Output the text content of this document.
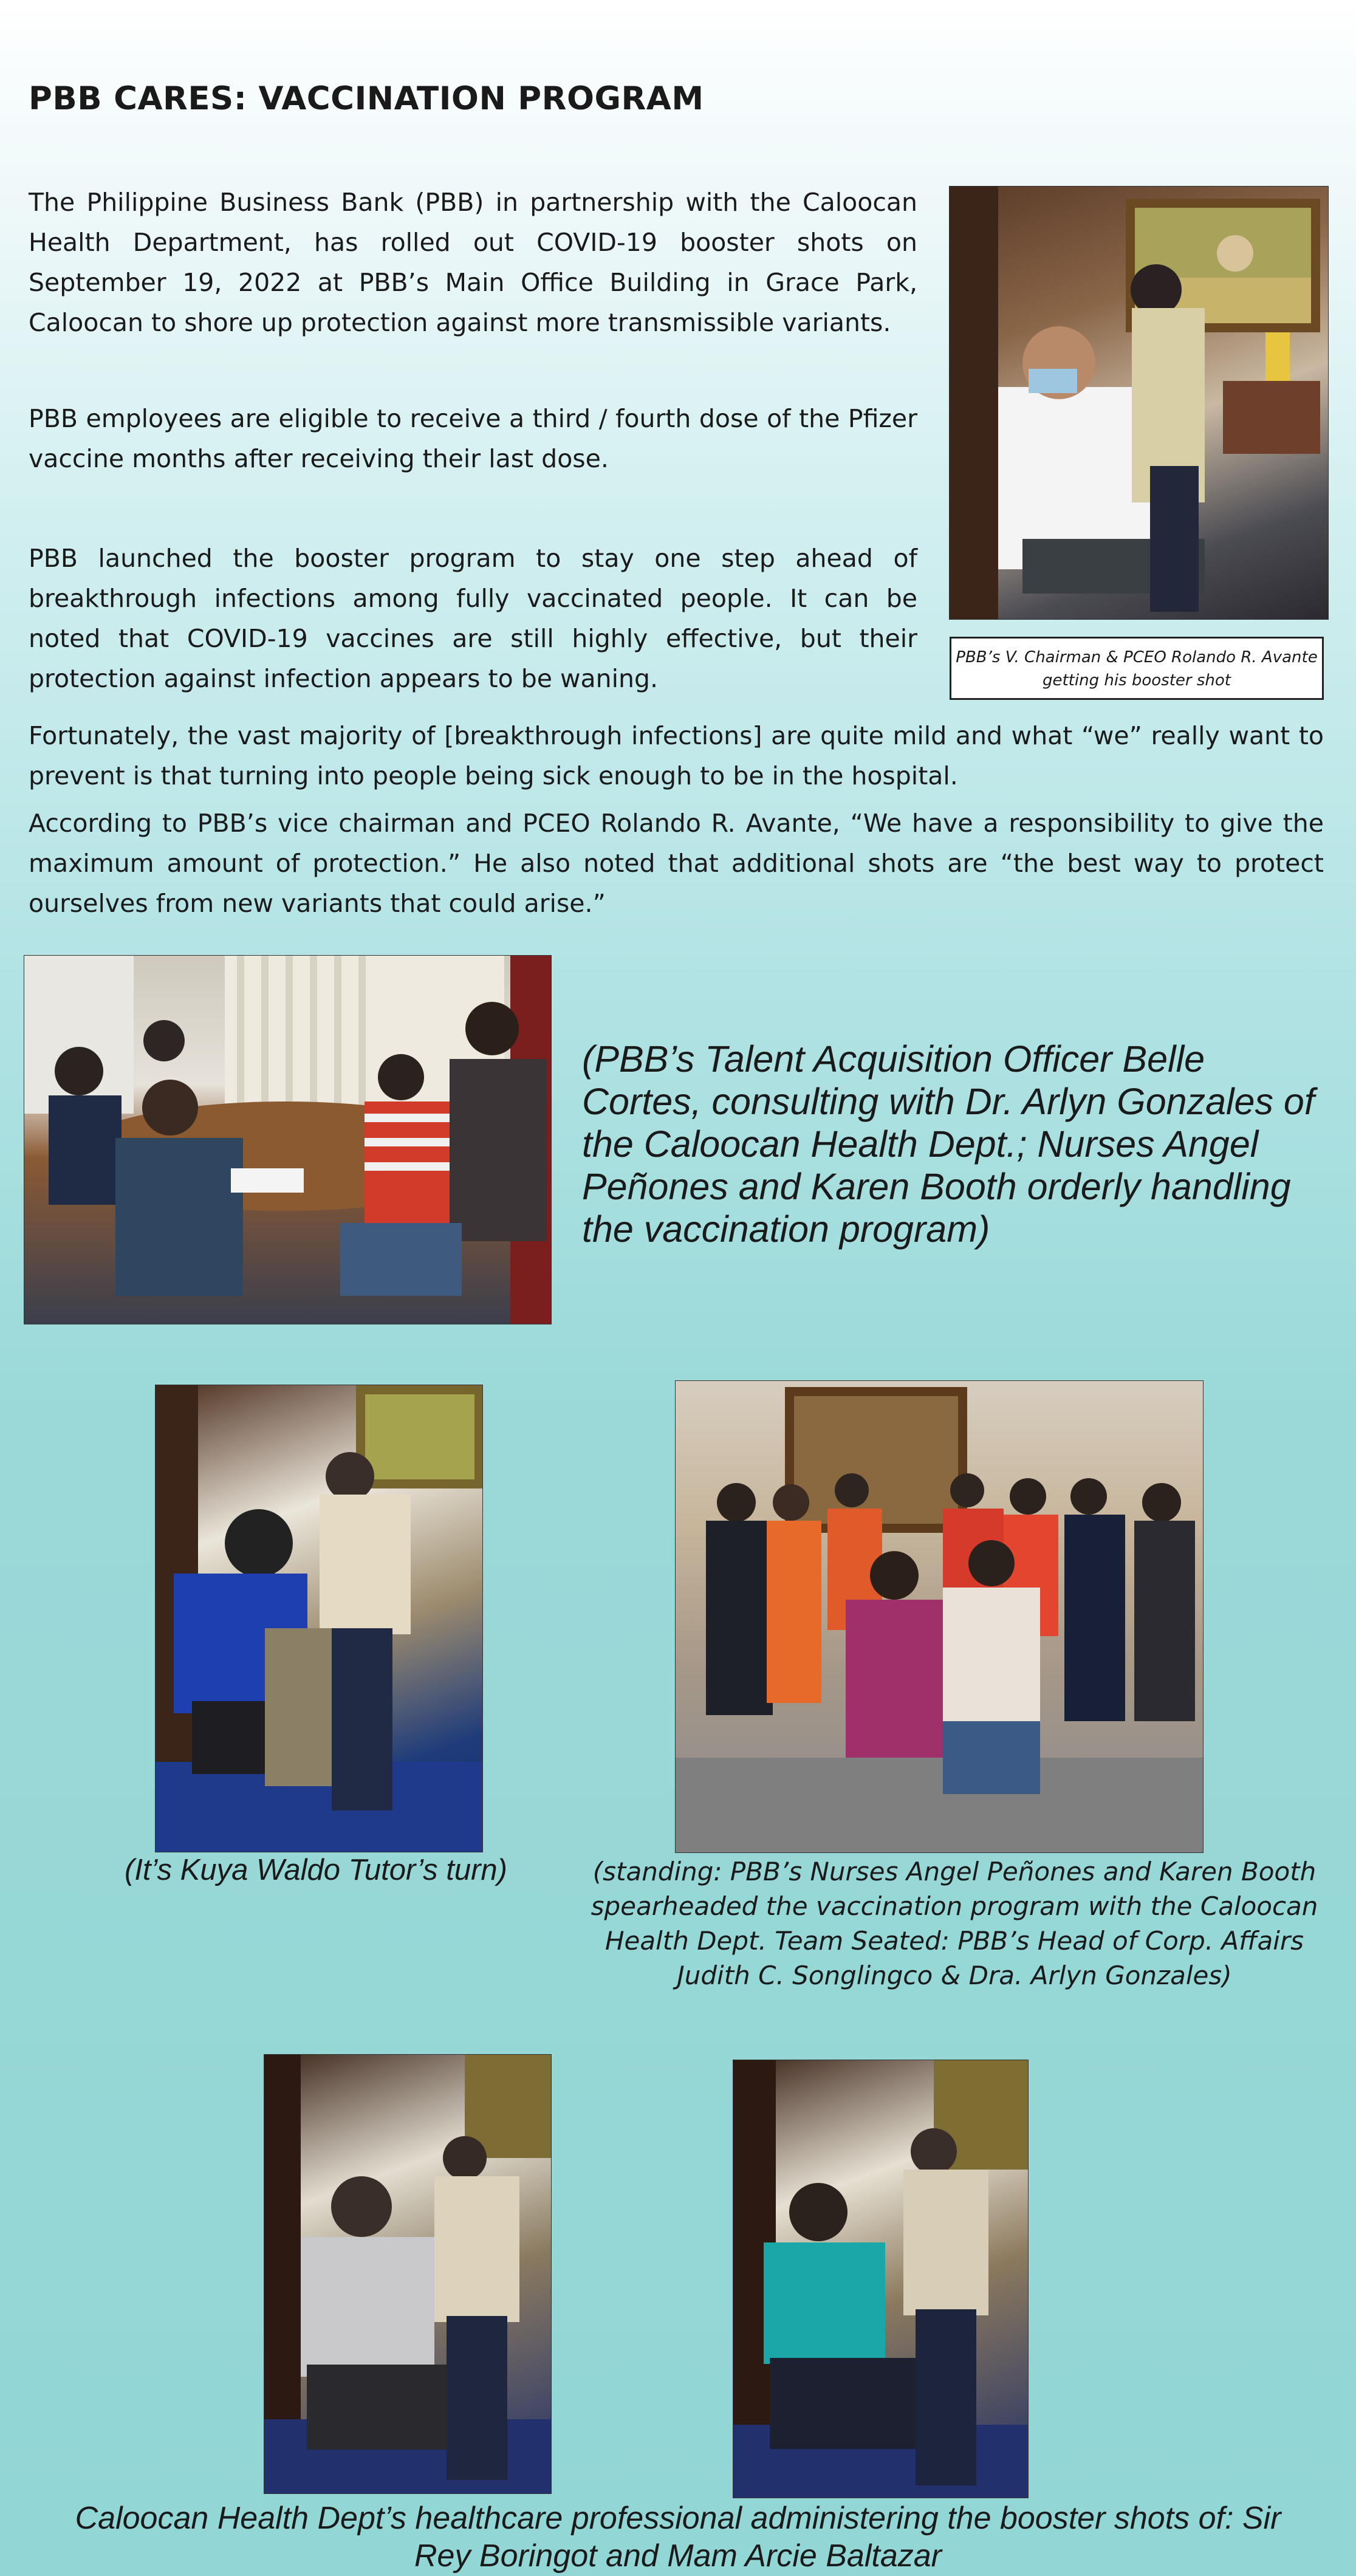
PBB CARES: VACCINATION PROGRAM
The Philippine Business Bank (PBB) in partnership with the Caloocan Health Department, has rolled out COVID-19 booster shots on September 19, 2022 at PBB’s Main Office Building in Grace Park, Caloocan to shore up protection against more transmissible variants.
PBB employees are eligible to receive a third / fourth dose of the Pfizer vaccine months after receiving their last dose.
PBB launched the booster program to stay one step ahead of breakthrough infections among fully vaccinated people. It can be noted that COVID-19 vaccines are still highly effective, but their protection against infection appears to be waning.
Fortunately, the vast majority of [breakthrough infections] are quite mild and what “we” really want to prevent is that turning into people being sick enough to be in the hospital.
According to PBB’s vice chairman and PCEO Rolando R. Avante, “We have a responsibility to give the maximum amount of protection.” He also noted that additional shots are “the best way to protect ourselves from new variants that could arise.”
PBB’s V. Chairman & PCEO Rolando R. Avante getting his booster shot
(PBB’s Talent Acquisition Officer Belle Cortes, consulting with Dr. Arlyn Gonzales of the Caloocan Health Dept.; Nurses Angel Peñones and Karen Booth orderly handling the vaccination program)
(It’s Kuya Waldo Tutor’s turn)	(standing: PBB’s Nurses Angel Peñones and Karen Booth spearheaded the vaccination program with the Caloocan Health Dept. Team Seated: PBB’s Head of Corp. Affairs Judith C. Songlingco & Dra. Arlyn Gonzales)
Caloocan Health Dept’s healthcare professional administering the booster shots of: Sir Rey Boringot and Mam Arcie Baltazar
